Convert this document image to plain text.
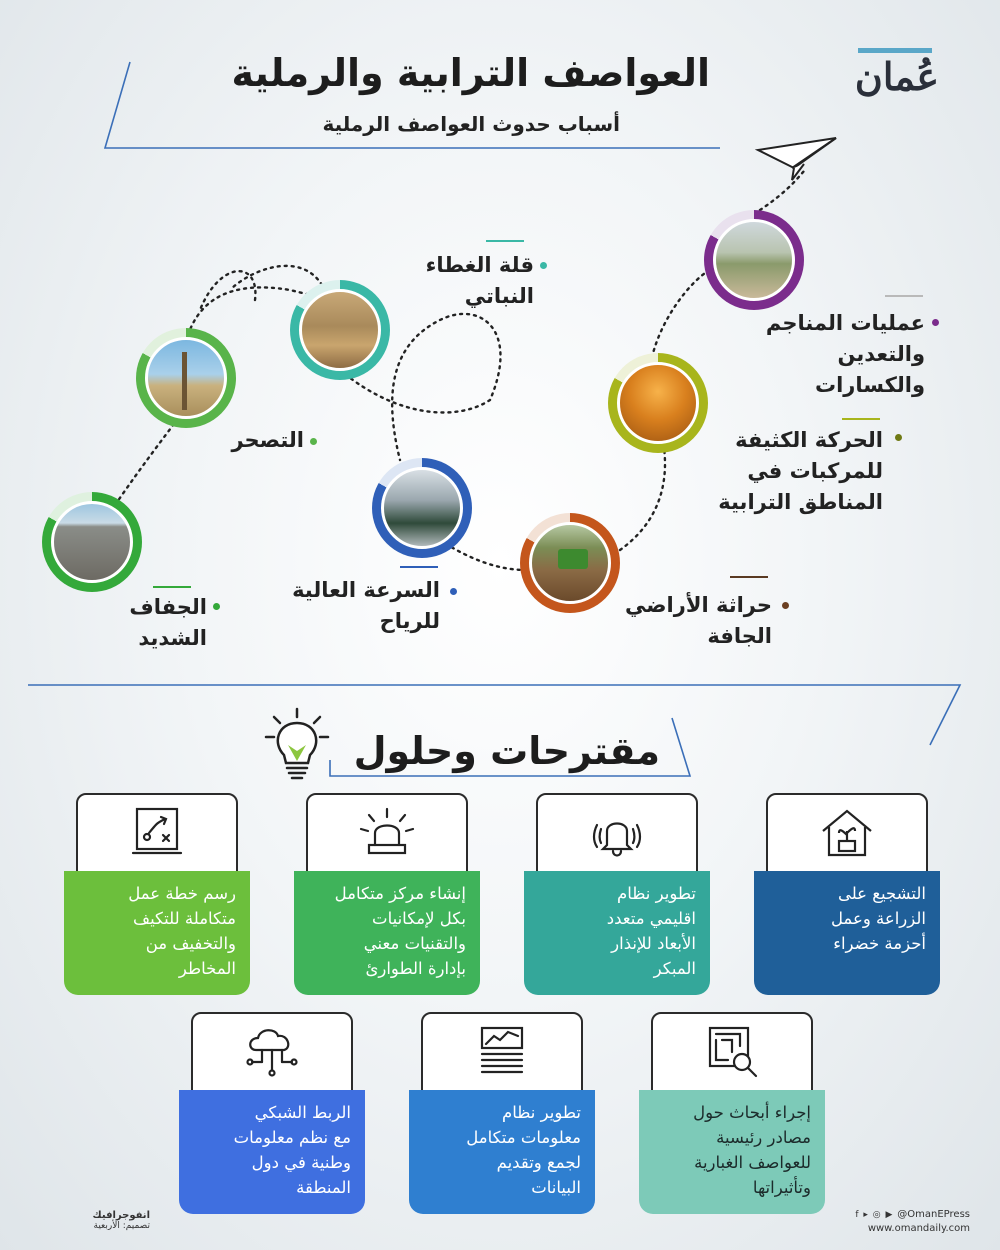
العواصف الترابية والرملية
أسباب حدوث العواصف الرملية
عُمان
عمليات المناجم
والتعدين
والكسارات
الحركة الكثيفة
للمركبات في
المناطق الترابية
حراثة الأراضي
الجافة
السرعة العالية
للرياح
قلة الغطاء
النباتي
التصحر
الجفاف
الشديد
مقترحات وحلول
التشجيع على
الزراعة وعمل
أحزمة خضراء
تطوير نظام
اقليمي متعدد
الأبعاد للإنذار
المبكر
إنشاء مركز متكامل
بكل لإمكانيات
والتقنيات معني
بإدارة الطوارئ
رسم خطة عمل
متكاملة للتكيف
والتخفيف من
المخاطر
إجراء أبحاث حول
مصادر رئيسية
للعواصف الغبارية
وتأثيراتها
تطوير نظام
معلومات متكامل
لجمع وتقديم
البيانات
الربط الشبكي
مع نظم معلومات
وطنية في دول
المنطقة
انفوجرافيك
تصميم: الأربعية
f ▸ ◎ ▶ @OmanEPress
www.omandaily.com
